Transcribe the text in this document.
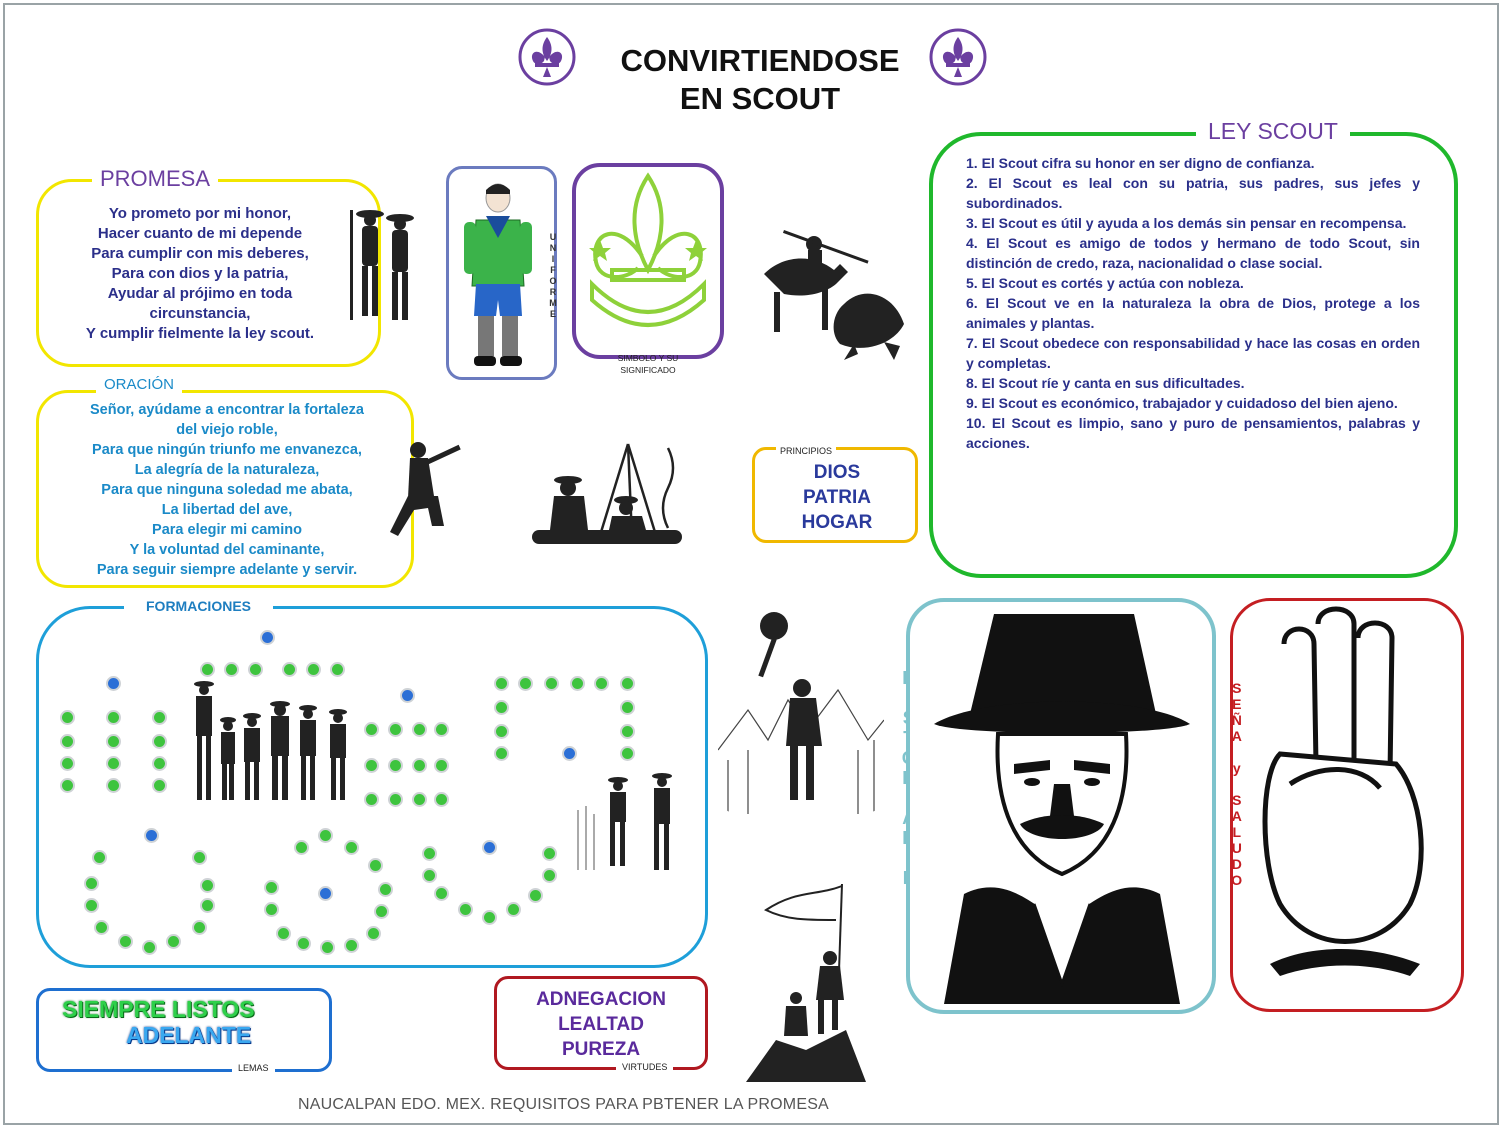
CONVIRTIENDOSE
EN SCOUT
PROMESA
Yo prometo por mi honor,
Hacer cuanto de mi depende
Para cumplir con mis deberes,
Para con dios y la patria,
Ayudar al prójimo en toda
circunstancia,
Y cumplir fielmente la ley scout.
UNIFORME
SIMBOLO Y SU
SIGNIFICADO
LEY SCOUT

1. El Scout cifra su honor en ser digno de confianza.

2. El Scout es leal con su patria, sus padres, sus jefes y subordinados.

3. El Scout es útil y ayuda a los demás sin pensar en recompensa.

4. El Scout es amigo de todos y hermano de todo Scout, sin distinción de credo, raza, nacionalidad o clase social.

5. El Scout es cortés y actúa con nobleza.

6. El Scout ve en la naturaleza la obra de Dios, protege a los animales y plantas.

7. El Scout obedece con responsabilidad y hace las cosas en orden y completas.

8. El Scout ríe y canta en sus dificultades.

9. El Scout es económico, trabajador y cuidadoso del bien ajeno.

10. El Scout es limpio, sano y puro de pensamientos, palabras y acciones.

ORACIÓN
Señor, ayúdame a encontrar la fortaleza
del viejo roble,
Para que ningún triunfo me envanezca,
La alegría de la naturaleza,
Para que ninguna soledad me abata,
La libertad del ave,
Para elegir mi camino
Y la voluntad del caminante,
Para seguir siempre adelante y servir.
PRINCIPIOS
DIOS
PATRIA
HOGAR
FORMACIONES
SEÑA y SALUDO
SIEMPRE LISTOS
ADELANTE
LEMAS
ADNEGACION
LEALTAD
PUREZA
VIRTUDES
NAUCALPAN EDO. MEX. REQUISITOS PARA PBTENER LA PROMESA
